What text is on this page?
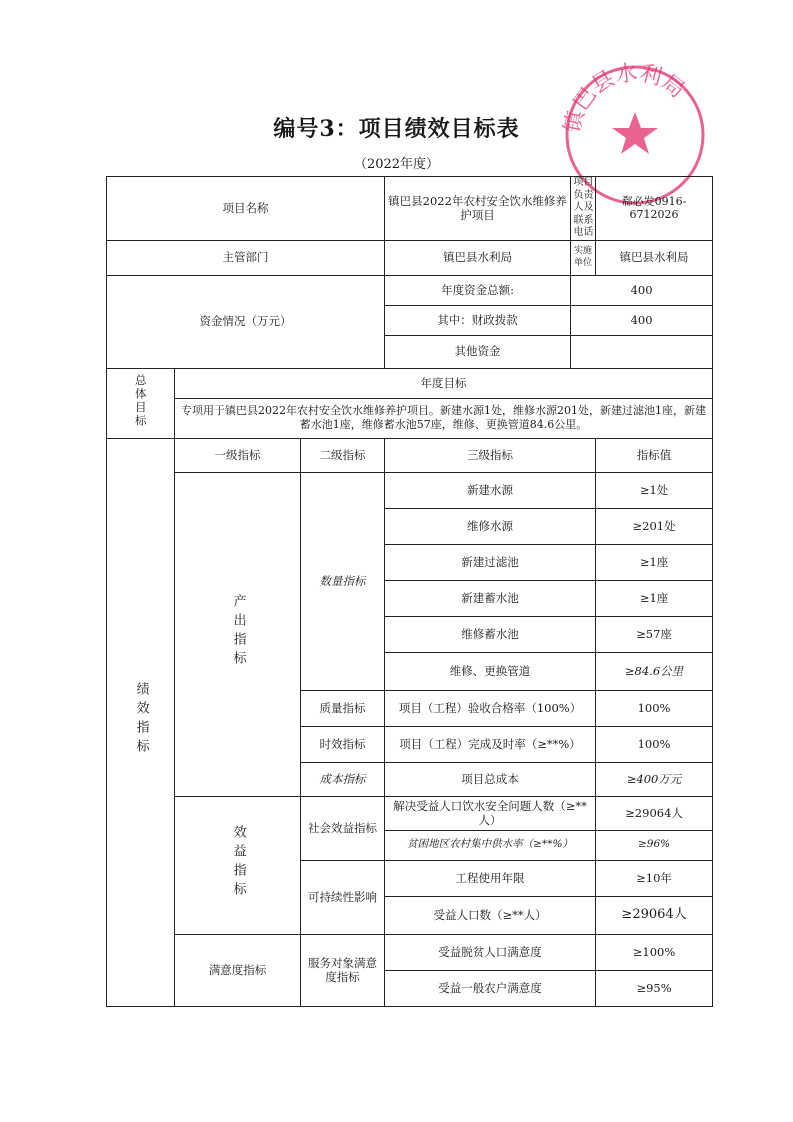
编号3：项目绩效目标表
（2022年度）
镇巴县水利局
项目名称			镇巴县2022年农村安全饮水维修养护项目	项目负责人及联系电话	郗必发0916-6712026
主管部门			镇巴县水利局	实施单位	镇巴县水利局
资金情况（万元）			年度资金总额:	400	
			其中：财政拨款	400	
			其他资金		
总体目标	年度目标				
	专项用于镇巴县2022年农村安全饮水维修养护项目。新建水源1处，维修水源201处，新建过滤池1座，新建蓄水池1座，维修蓄水池57座，维修、更换管道84.6公里。				
绩效指标	一级指标	二级指标	三级指标		指标值
	产出指标	数量指标	新建水源		≥1处
			维修水源		≥201处
			新建过滤池		≥1座
			新建蓄水池		≥1座
			维修蓄水池		≥57座
			维修、更换管道		≥84.6公里
		质量指标	项目（工程）验收合格率（100%）		100%
		时效指标	项目（工程）完成及时率（≥**%）		100%
		成本指标	项目总成本		≥400万元
	效益指标	社会效益指标	解决受益人口饮水安全问题人数（≥**人）		≥29064人
			贫困地区农村集中供水率（≥**%）		≥96%
		可持续性影响	工程使用年限		≥10年
			受益人口数（≥**人）		≥29064人
	满意度指标	服务对象满意度指标	受益脱贫人口满意度		≥100%
			受益一般农户满意度		≥95%
